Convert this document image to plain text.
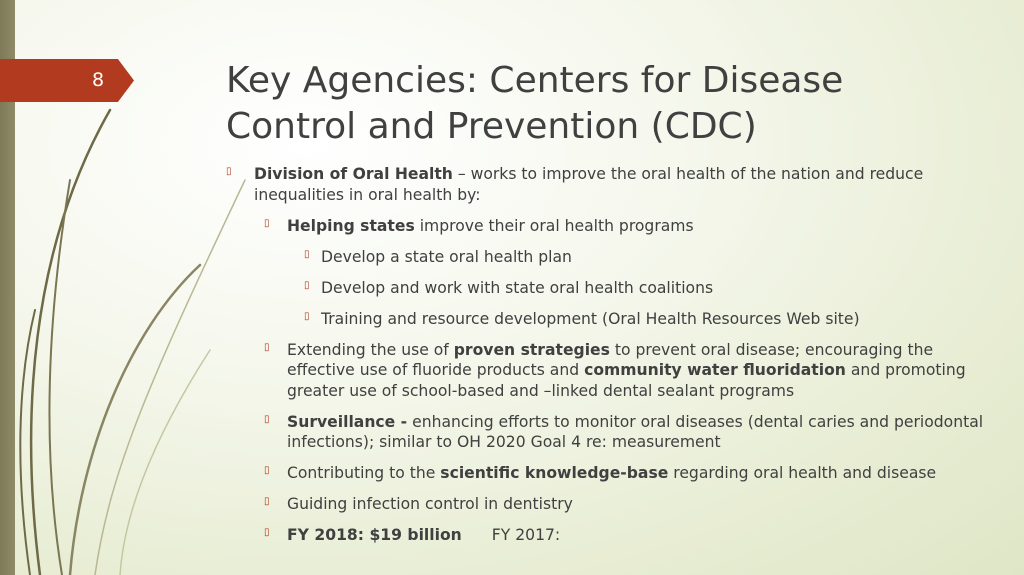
8	Key Agencies: Centers for Disease
Control and Prevention (CDC)
▯ Division of Oral Health – works to improve the oral health of the nation and reduce inequalities in oral health by:
▯ Helping states improve their oral health programs
▯ Develop a state oral health plan
▯ Develop and work with state oral health coalitions
▯ Training and resource development (Oral Health Resources Web site)
▯ Extending the use of proven strategies to prevent oral disease; encouraging the effective use of fluoride products and community water fluoridation and promoting greater use of school-based and –linked dental sealant programs
▯ Surveillance - enhancing efforts to monitor oral diseases (dental caries and periodontal infections); similar to OH 2020 Goal 4 re: measurement
▯ Contributing to the scientific knowledge-base regarding oral health and disease
▯ Guiding infection control in dentistry
▯ FY 2018: $19 billion FY 2017:
